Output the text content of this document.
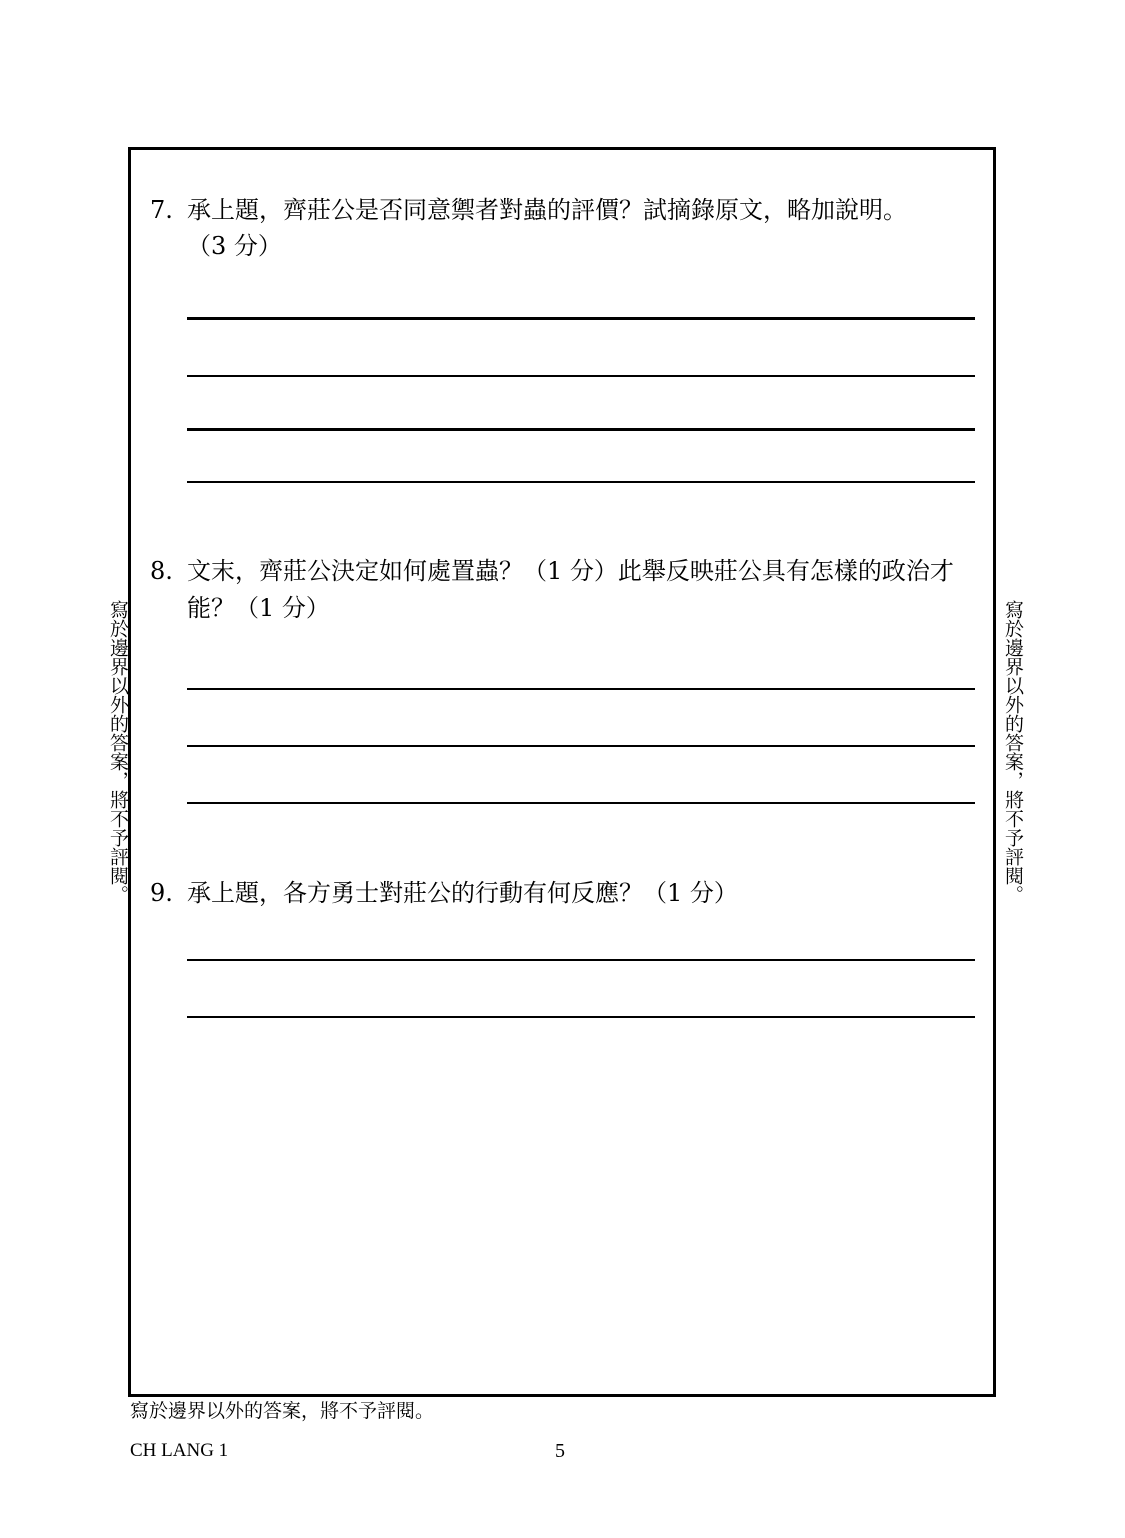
7. 承上題，齊莊公是否同意禦者對蟲的評價？試摘錄原文，略加說明。
（3 分）
8. 文末，齊莊公決定如何處置蟲？（1 分）此舉反映莊公具有怎樣的政治才
能？（1 分）
9. 承上題，各方勇士對莊公的行動有何反應？（1 分）
寫於邊界以外的答案，將不予評閱。	寫於邊界以外的答案，將不予評閱。
寫於邊界以外的答案，將不予評閱。
CH LANG 1	5
